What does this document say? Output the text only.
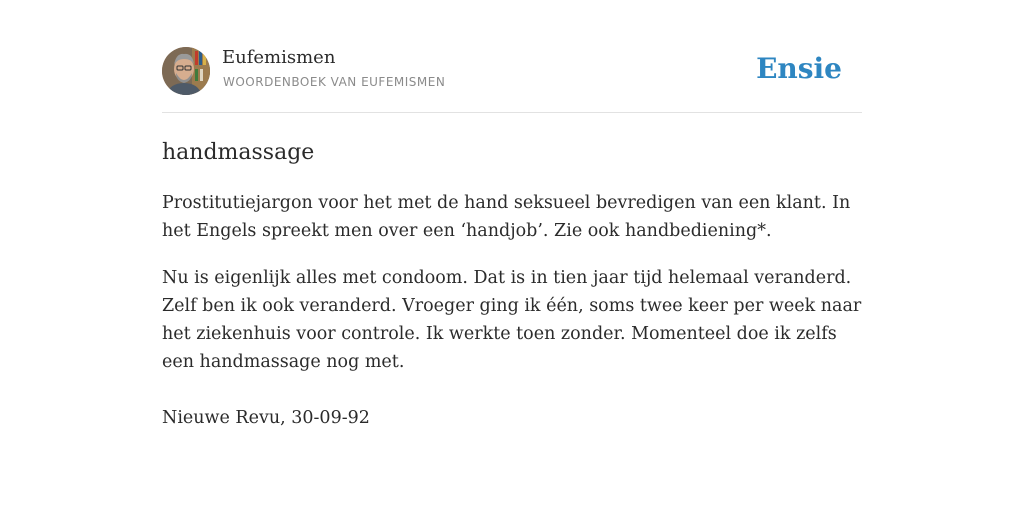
Eufemismen
WOORDENBOEK VAN EUFEMISMEN	Ensie
handmassage
Prostitutiejargon voor het met de hand seksueel bevredigen van een klant. In het Engels spreekt men over een ‘handjob’. Zie ook handbediening*.
Nu is eigenlijk alles met condoom. Dat is in tien jaar tijd helemaal veranderd. Zelf ben ik ook veranderd. Vroeger ging ik één, soms twee keer per week naar het ziekenhuis voor controle. Ik werkte toen zonder. Momenteel doe ik zelfs een handmassage nog met.
Nieuwe Revu, 30-09-92
